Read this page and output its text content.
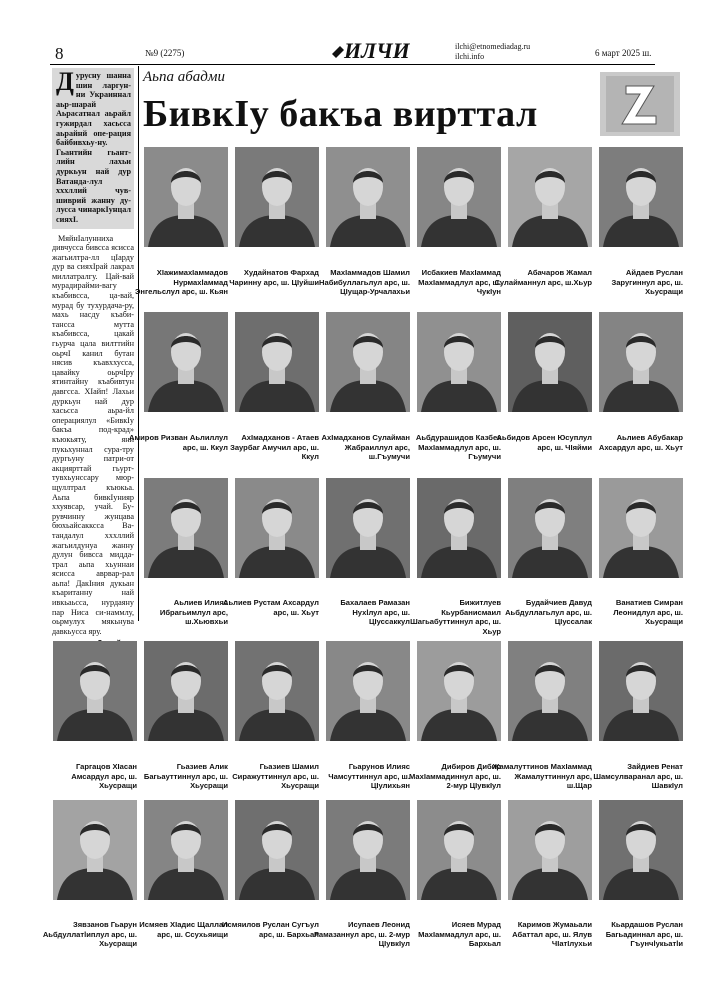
8	№9 (2275)	ИЛЧИ	ilchi@etnomediadag.ru
ilchi.info	6 март 2025 ш.
Дурусну шанна шин ларгун-ни Украиннал аьр-шарай Аьрасатнал аьрайл гужирдал хасьсса аьрайнй опе-рация байбивхьу-ну. Гьантийн гьант-лийн лахьи дуркьун най дур Ватанда-лул хххллий чув-шиврий жанну ду-лусса чинаркIунцал сияхI.
МяйнIалунниха дивчусса бивсса ясисса жагьилтра-лл цIарду дур ва сияхIрай лакрал миллатралгу. Цай-вай мурадирайми-вагу къабивсса, ца-вай, мурад бу тухурдача-ру, махь насду къаби-тансса мутта къабивсса, цакай гьурча цала вилттийн оьрчI канил бутан нясив къавххусса, цавайку оьрчIру ятинтайну къабивтун давгсса. ХIайп! Лахьи дуркьун най дур хасьсса аьра-йл операциялул «БивкIу бакъа под-крад» къюкьяту, яни пукьхуннал сура-тру дургьуну патри-от акциярттай гьурт-тувхьунссару мюр-щуллтрал къюкьа. Аьпа бивкIунияр ххуявсар, учай. Бу-рувчинну жунцава бюхьайсакксса Ва-тандалул хххллий жагьилдунуа жанну дулун бивсса мидда-трал аьпа хьуннаи ясисса аврвар-рал аьпа! ДакIния дукьан къаританну най ивкьаьсса, нурдаяну пар Ниса си-наммлу, оьрмулух мякьнува давкьусса яру.
Аьпа абадми
БивкIу бакъа вирттал
ХIажимахIаммадов Нурмахlаммад Энгельслул арс, ш. Кьян
Худайнатов Фархад Чаринну арс, ш. ЦIуйши
МахIаммадов Шамил Набибуллагьлул арс, ш. ЦIущар-Урчалахьи
Исбакиев МахIаммад МахIаммадлул арс, ш. ЧукIун
Абачаров Жамал Сулайманнул арс, ш.Хьур
Айдаев Руслан Заругиннул арс, ш. Хьусращи
Амиров Ризван Аьлиллул арс, ш. Ккул
АхIмадханов - Атаев Заурбаг Амучил арс, ш. Ккул
АхIмадханов Сулайман Жабраиллул арс, ш.Гъумучи
Аьбдурашидов Казбек МахIаммадлул арс, ш. Гъумучи
Аьбидов Арсен Юсуплул арс, ш. ЧIяйми
Аьлиев Абубакар Ахсардул арс, ш. Хьут
Аьлиев Илияс Ибрагьимлул арс, ш.Хьювхьи
Аьлиев Рустам Ахсардул арс, ш. Хьут
Бахалаев Рамазан Нухlлул арс, ш. ЦIуссаккул
Бижитлуев Кьурбанисмаил Шагьабуттиннул арс, ш. Хьур
Будайчиев Давуд Аьбдуллагьлул арс, ш. ЦIуссалак
Ванатиев Симран Леонидлул арс, ш. Хьусращи
Гаргацов ХIасан Амсардул арс, ш. Хьусращи
Гьазиев Алик Багьауттиннул арс, ш. Хьусращи
Гьазиев Шамил Сиражуттиннул арс, ш. Хьусращи
Гьарунов Илияс Чамсуттиннул арс, ш. ЦIулихьян
Дибиров Дибир МахIаммадиннул арс, ш. 2-мур ЦIувкIул
Жамалуттинов МахIаммад Жамалуттиннул арс, ш.Щар
Зайдиев Ренат Шамсулваранал арс, ш. ШавкIул
Зявзанов Гьарун Аьбдуллатlиплул арс, ш. Хьусращи
Исмяев ХIадис Щаллал арс, ш. Ссухьяищи
Исмяилов Руслан Сугъул арс, ш. Бархьал
Исупаев Леонид Рамазаннул арс, ш. 2-мур ЦIувкIул
Исяев Мурад МахIаммадлул арс, ш. Бархьал
Каримов Жумаьали Абаттал арс, ш. Ялув ЧIатIлухьи
Кьардашов Руслан Багьадиннал арс, ш. Гъунчlукьатlи
